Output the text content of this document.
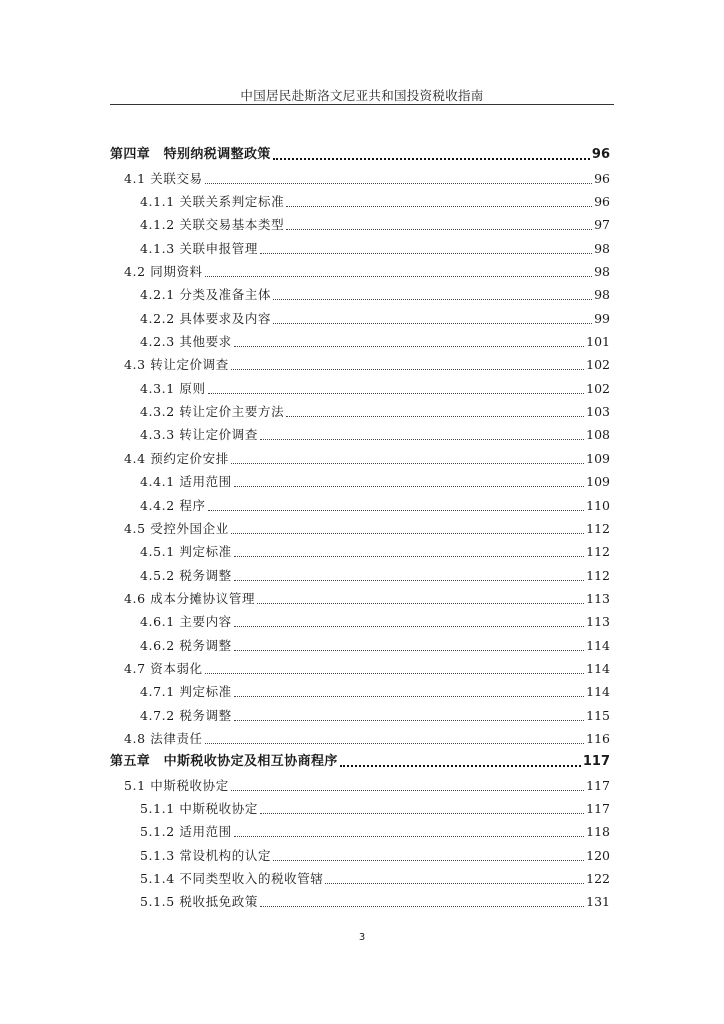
中国居民赴斯洛文尼亚共和国投资税收指南
第四章　特别纳税调整政策	96
4.1 关联交易	96
4.1.1 关联关系判定标准	96
4.1.2 关联交易基本类型	97
4.1.3 关联申报管理	98
4.2 同期资料	98
4.2.1 分类及准备主体	98
4.2.2 具体要求及内容	99
4.2.3 其他要求	101
4.3 转让定价调查	102
4.3.1 原则	102
4.3.2 转让定价主要方法	103
4.3.3 转让定价调查	108
4.4 预约定价安排	109
4.4.1 适用范围	109
4.4.2 程序	110
4.5 受控外国企业	112
4.5.1 判定标准	112
4.5.2 税务调整	112
4.6 成本分摊协议管理	113
4.6.1 主要内容	113
4.6.2 税务调整	114
4.7 资本弱化	114
4.7.1 判定标准	114
4.7.2 税务调整	115
4.8 法律责任	116
第五章　中斯税收协定及相互协商程序	117
5.1 中斯税收协定	117
5.1.1 中斯税收协定	117
5.1.2 适用范围	118
5.1.3 常设机构的认定	120
5.1.4 不同类型收入的税收管辖	122
5.1.5 税收抵免政策	131
3
